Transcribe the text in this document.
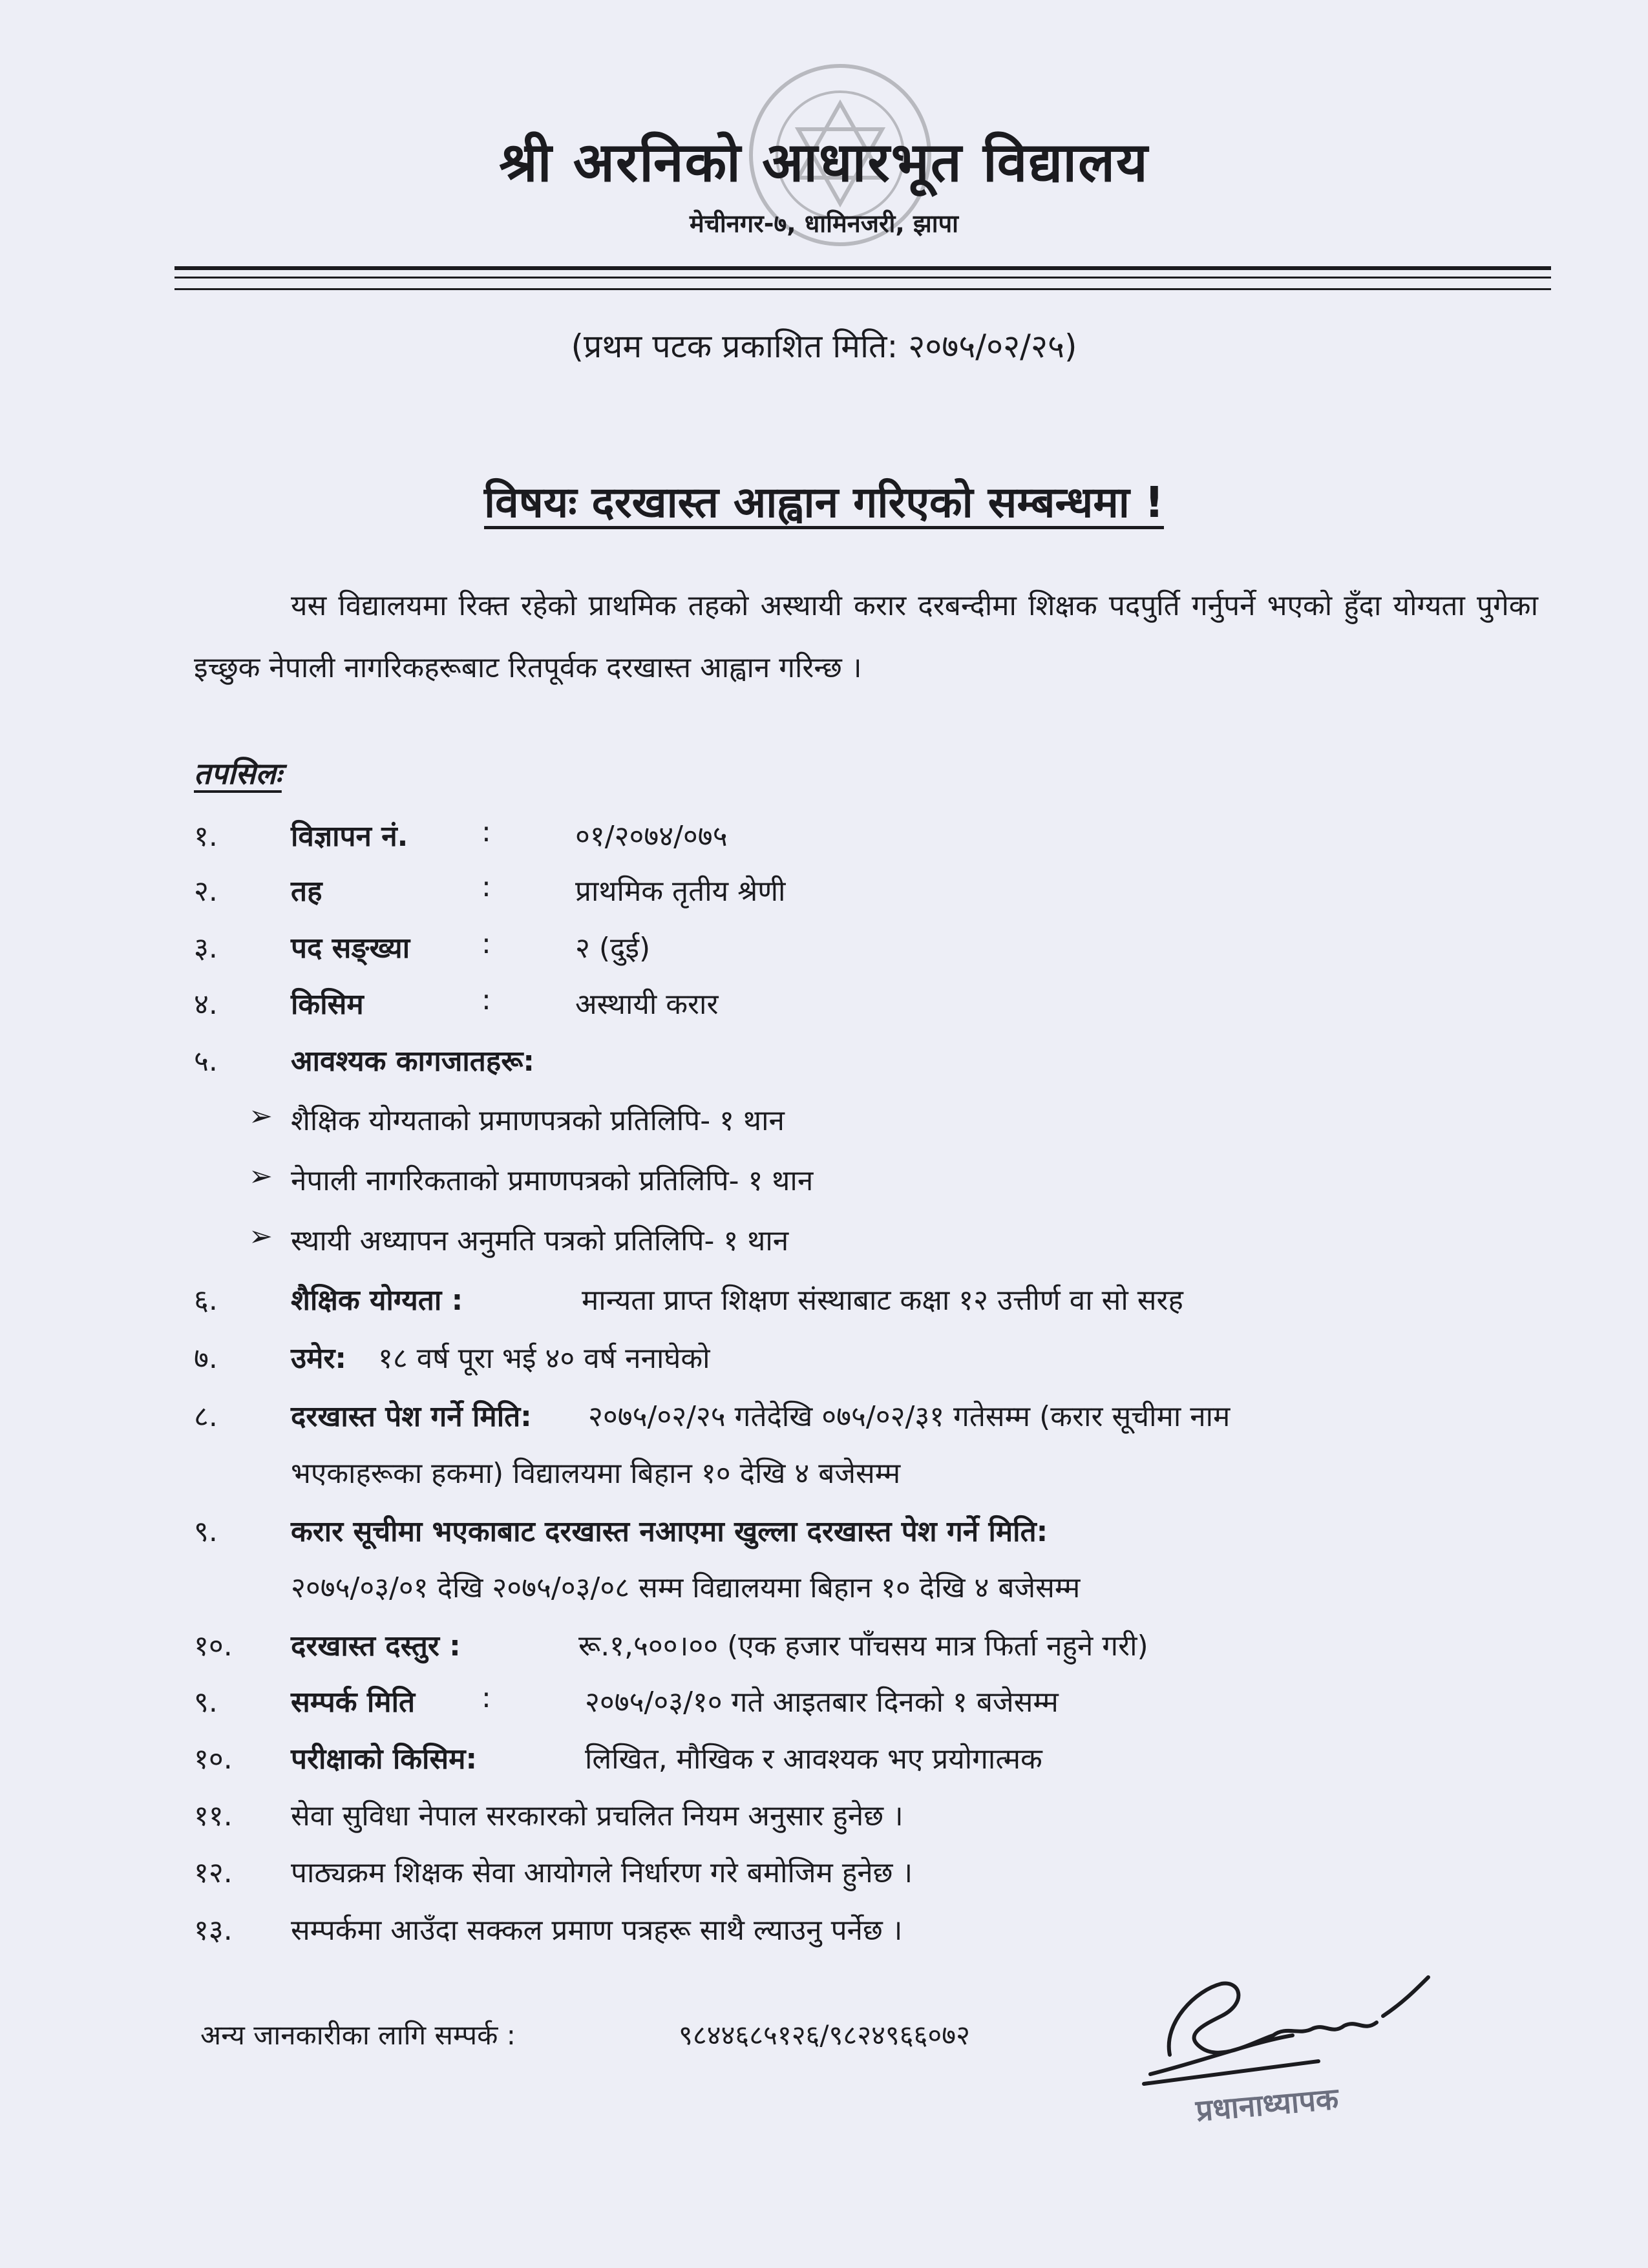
श्री अरनिको आधारभूत विद्यालय
मेचीनगर-७, धामिनजरी, झापा
(प्रथम पटक प्रकाशित मिति: २०७५/०२/२५)
विषयः दरखास्त आह्वान गरिएको सम्बन्धमा !
यस विद्यालयमा रिक्त रहेको प्राथमिक तहको अस्थायी करार दरबन्दीमा शिक्षक पदपुर्ति गर्नुपर्ने भएको हुँदा योग्यता पुगेका इच्छुक नेपाली नागरिकहरूबाट रितपूर्वक दरखास्त आह्वान गरिन्छ ।
तपसिलः
१.	विज्ञापन नं.	:	०१/२०७४/०७५
२.	तह	:	प्राथमिक तृतीय श्रेणी
३.	पद सङ्ख्या	:	२ (दुई)
४.	किसिम	:	अस्थायी करार
५.	आवश्यक कागजातहरू:
➢ शैक्षिक योग्यताको प्रमाणपत्रको प्रतिलिपि- १ थान
➢ नेपाली नागरिकताको प्रमाणपत्रको प्रतिलिपि- १ थान
➢ स्थायी अध्यापन अनुमति पत्रको प्रतिलिपि- १ थान
६.	शैक्षिक योग्यता :	मान्यता प्राप्त शिक्षण संस्थाबाट कक्षा १२ उत्तीर्ण वा सो सरह
७.	उमेर: १८ वर्ष पूरा भई ४० वर्ष ननाघेको
८.	दरखास्त पेश गर्ने मिति: २०७५/०२/२५ गतेदेखि ०७५/०२/३१ गतेसम्म (करार सूचीमा नाम
भएकाहरूका हकमा) विद्यालयमा बिहान १० देखि ४ बजेसम्म
९.	करार सूचीमा भएकाबाट दरखास्त नआएमा खुल्ला दरखास्त पेश गर्ने मिति:
२०७५/०३/०१ देखि २०७५/०३/०८ सम्म विद्यालयमा बिहान १० देखि ४ बजेसम्म
१०. दरखास्त दस्तुर :	रू.१,५००।०० (एक हजार पाँचसय मात्र फिर्ता नहुने गरी)
९.	सम्पर्क मिति :	२०७५/०३/१० गते आइतबार दिनको १ बजेसम्म
१०. परीक्षाको किसिम:	लिखित, मौखिक र आवश्यक भए प्रयोगात्मक
११. सेवा सुविधा नेपाल सरकारको प्रचलित नियम अनुसार हुनेछ ।
१२. पाठ्यक्रम शिक्षक सेवा आयोगले निर्धारण गरे बमोजिम हुनेछ ।
१३. सम्पर्कमा आउँदा सक्कल प्रमाण पत्रहरू साथै ल्याउनु पर्नेछ ।
अन्य जानकारीका लागि सम्पर्क :	९८४४६८५१२६/९८२४९६६०७२
प्रधानाध्यापक
